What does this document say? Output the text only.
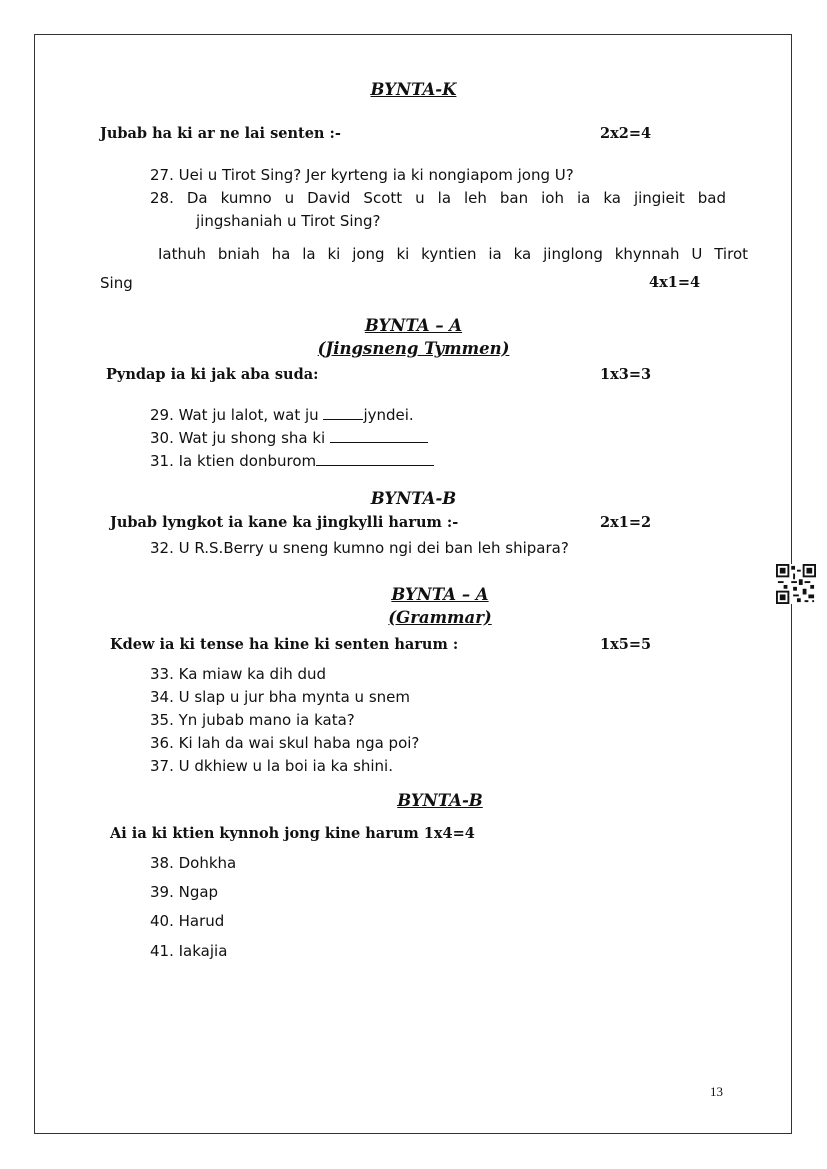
BYNTA-K
Jubab ha ki ar ne lai senten :-	2x2=4
27. Uei u Tirot Sing? Jer kyrteng ia ki nongiapom jong U?
28. Da kumno u David Scott u la leh ban ioh ia ka jingieit bad
jingshaniah u Tirot Sing?
Iathuh bniah ha la ki jong ki kyntien ia ka jinglong khynnah U Tirot
Sing	4x1=4
BYNTA – A
(Jingsneng Tymmen)
Pyndap ia ki jak aba suda:	1x3=3
29. Wat ju lalot, wat ju	jyndei.
30. Wat ju shong sha ki
31. Ia ktien donburom
BYNTA-B
Jubab lyngkot ia kane ka jingkylli harum :-	2x1=2
32. U R.S.Berry u sneng kumno ngi dei ban leh shipara?
BYNTA – A
(Grammar)
Kdew ia ki tense ha kine ki senten harum :	1x5=5
33. Ka miaw ka dih dud
34. U slap u jur bha mynta u snem
35. Yn jubab mano ia kata?
36. Ki lah da wai skul haba nga poi?
37. U dkhiew u la boi ia ka shini.
BYNTA-B
Ai ia ki ktien kynnoh jong kine harum 1x4=4
38. Dohkha
39. Ngap
40. Harud
41. Iakajia
13
